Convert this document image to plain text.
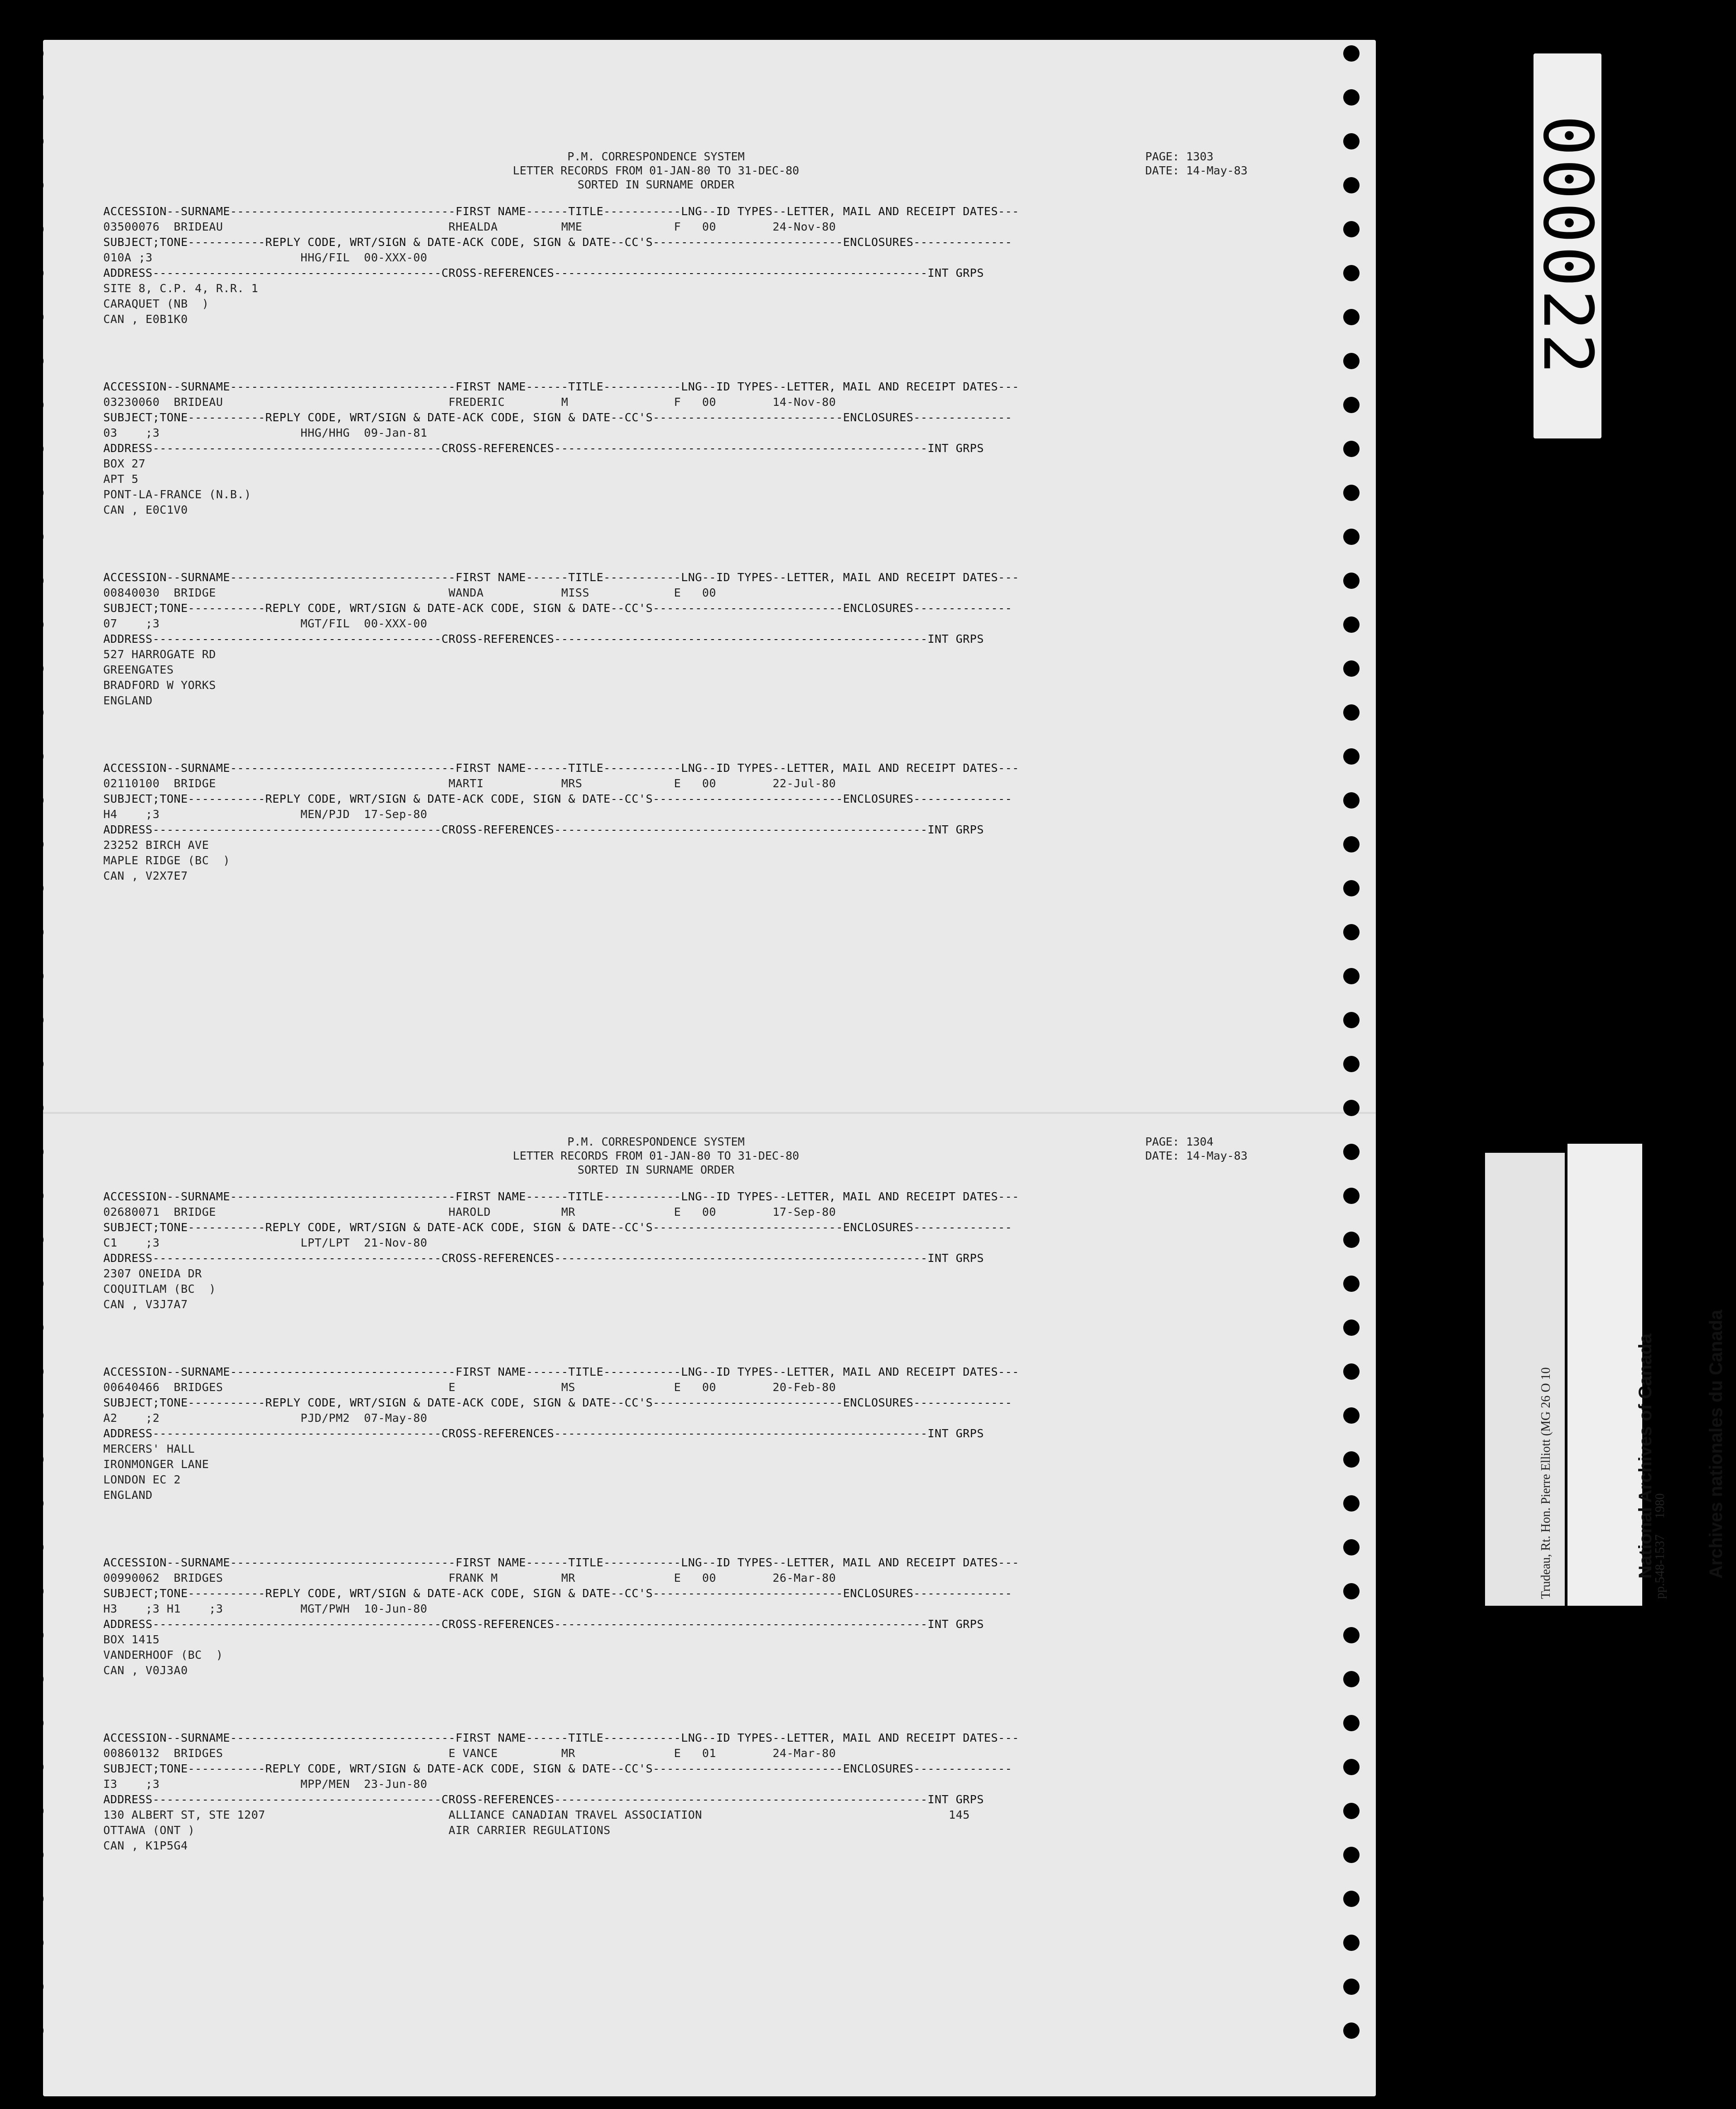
P.M. CORRESPONDENCE SYSTEM
LETTER RECORDS FROM 01-JAN-80 TO 31-DEC-80
SORTED IN SURNAME ORDER
PAGE: 1303
DATE: 14-May-83
ACCESSION--SURNAME--------------------------------FIRST NAME------TITLE-----------LNG--ID TYPES--LETTER, MAIL AND RECEIPT DATES---
03500076  BRIDEAU                                RHEALDA         MME             F   00        24-Nov-80
SUBJECT;TONE-----------REPLY CODE, WRT/SIGN & DATE-ACK CODE, SIGN & DATE--CC'S---------------------------ENCLOSURES--------------
010A ;3                     HHG/FIL  00-XXX-00
ADDRESS-----------------------------------------CROSS-REFERENCES-----------------------------------------------------INT GRPS
SITE 8, C.P. 4, R.R. 1
CARAQUET (NB  )
CAN , E0B1K0
ACCESSION--SURNAME--------------------------------FIRST NAME------TITLE-----------LNG--ID TYPES--LETTER, MAIL AND RECEIPT DATES---
03230060  BRIDEAU                                FREDERIC        M               F   00        14-Nov-80
SUBJECT;TONE-----------REPLY CODE, WRT/SIGN & DATE-ACK CODE, SIGN & DATE--CC'S---------------------------ENCLOSURES--------------
03    ;3                    HHG/HHG  09-Jan-81
ADDRESS-----------------------------------------CROSS-REFERENCES-----------------------------------------------------INT GRPS
BOX 27
APT 5
PONT-LA-FRANCE (N.B.)
CAN , E0C1V0
ACCESSION--SURNAME--------------------------------FIRST NAME------TITLE-----------LNG--ID TYPES--LETTER, MAIL AND RECEIPT DATES---
00840030  BRIDGE                                 WANDA           MISS            E   00
SUBJECT;TONE-----------REPLY CODE, WRT/SIGN & DATE-ACK CODE, SIGN & DATE--CC'S---------------------------ENCLOSURES--------------
07    ;3                    MGT/FIL  00-XXX-00
ADDRESS-----------------------------------------CROSS-REFERENCES-----------------------------------------------------INT GRPS
527 HARROGATE RD
GREENGATES
BRADFORD W YORKS
ENGLAND
ACCESSION--SURNAME--------------------------------FIRST NAME------TITLE-----------LNG--ID TYPES--LETTER, MAIL AND RECEIPT DATES---
02110100  BRIDGE                                 MARTI           MRS             E   00        22-Jul-80
SUBJECT;TONE-----------REPLY CODE, WRT/SIGN & DATE-ACK CODE, SIGN & DATE--CC'S---------------------------ENCLOSURES--------------
H4    ;3                    MEN/PJD  17-Sep-80
ADDRESS-----------------------------------------CROSS-REFERENCES-----------------------------------------------------INT GRPS
23252 BIRCH AVE
MAPLE RIDGE (BC  )
CAN , V2X7E7
P.M. CORRESPONDENCE SYSTEM
LETTER RECORDS FROM 01-JAN-80 TO 31-DEC-80
SORTED IN SURNAME ORDER
PAGE: 1304
DATE: 14-May-83
ACCESSION--SURNAME--------------------------------FIRST NAME------TITLE-----------LNG--ID TYPES--LETTER, MAIL AND RECEIPT DATES---
02680071  BRIDGE                                 HAROLD          MR              E   00        17-Sep-80
SUBJECT;TONE-----------REPLY CODE, WRT/SIGN & DATE-ACK CODE, SIGN & DATE--CC'S---------------------------ENCLOSURES--------------
C1    ;3                    LPT/LPT  21-Nov-80
ADDRESS-----------------------------------------CROSS-REFERENCES-----------------------------------------------------INT GRPS
2307 ONEIDA DR
COQUITLAM (BC  )
CAN , V3J7A7
ACCESSION--SURNAME--------------------------------FIRST NAME------TITLE-----------LNG--ID TYPES--LETTER, MAIL AND RECEIPT DATES---
00640466  BRIDGES                                E               MS              E   00        20-Feb-80
SUBJECT;TONE-----------REPLY CODE, WRT/SIGN & DATE-ACK CODE, SIGN & DATE--CC'S---------------------------ENCLOSURES--------------
A2    ;2                    PJD/PM2  07-May-80
ADDRESS-----------------------------------------CROSS-REFERENCES-----------------------------------------------------INT GRPS
MERCERS' HALL
IRONMONGER LANE
LONDON EC 2
ENGLAND
ACCESSION--SURNAME--------------------------------FIRST NAME------TITLE-----------LNG--ID TYPES--LETTER, MAIL AND RECEIPT DATES---
00990062  BRIDGES                                FRANK M         MR              E   00        26-Mar-80
SUBJECT;TONE-----------REPLY CODE, WRT/SIGN & DATE-ACK CODE, SIGN & DATE--CC'S---------------------------ENCLOSURES--------------
H3    ;3 H1    ;3           MGT/PWH  10-Jun-80
ADDRESS-----------------------------------------CROSS-REFERENCES-----------------------------------------------------INT GRPS
BOX 1415
VANDERHOOF (BC  )
CAN , V0J3A0
ACCESSION--SURNAME--------------------------------FIRST NAME------TITLE-----------LNG--ID TYPES--LETTER, MAIL AND RECEIPT DATES---
00860132  BRIDGES                                E VANCE         MR              E   01        24-Mar-80
SUBJECT;TONE-----------REPLY CODE, WRT/SIGN & DATE-ACK CODE, SIGN & DATE--CC'S---------------------------ENCLOSURES--------------
I3    ;3                    MPP/MEN  23-Jun-80
ADDRESS-----------------------------------------CROSS-REFERENCES-----------------------------------------------------INT GRPS
130 ALBERT ST, STE 1207                          ALLIANCE CANADIAN TRAVEL ASSOCIATION                                   145
OTTAWA (ONT )                                    AIR CARRIER REGULATIONS
CAN , K1P5G4
000022

Trudeau, Rt. Hon. Pierre Elliott (MG 26 O 10

	pp.548-1537     1980

National Archives of Canada

	Archives nationales du Canada
